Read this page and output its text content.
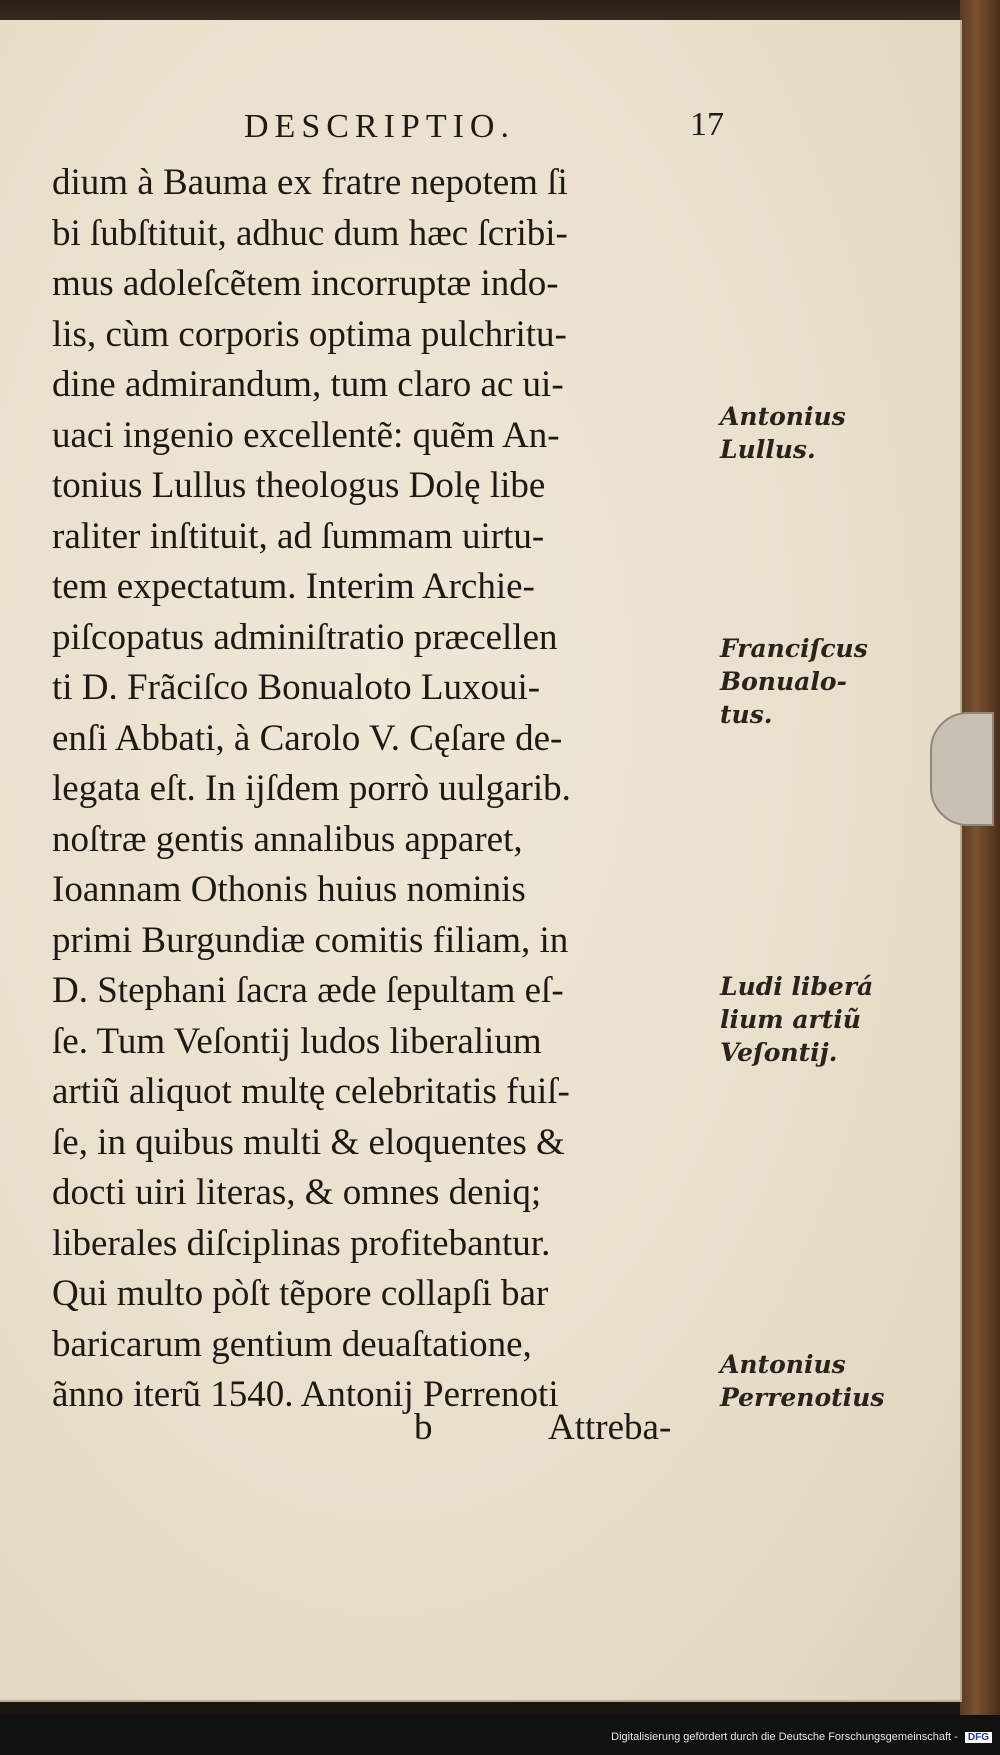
DESCRIPTIO.	17
dium à Bauma ex fratre nepotem ſi
bi ſubſtituit, adhuc dum hæc ſcribi-
mus adoleſcẽtem incorruptæ indo-
lis, cùm corporis optima pulchritu-
dine admirandum, tum claro ac ui-
uaci ingenio excellentẽ: quẽm An-
tonius Lullus theologus Dolę libe
raliter inſtituit, ad ſummam uirtu-
tem expectatum. Interim Archie-
piſcopatus adminiſtratio præcellen
ti D. Frãciſco Bonualoto Luxoui-
enſi Abbati, à Carolo V. Cęſare de-
legata eſt. In ijſdem porrò uulgarib.
noſtræ gentis annalibus apparet,
Ioannam Othonis huius nominis
primi Burgundiæ comitis filiam, in
D. Stephani ſacra æde ſepultam eſ-
ſe. Tum Veſontij ludos liberalium
artiũ aliquot multę celebritatis fuiſ-
ſe, in quibus multi & eloquentes &
docti uiri literas, & omnes deniq;
liberales diſciplinas profitebantur.
Qui multo pòſt tẽpore collapſi bar
baricarum gentium deuaſtatione,
ãnno iterũ 1540. Antonij Perrenoti
Antonius
Lullus.
Franciſcus
Bonualo-
tus.
Ludi liberá
lium artiũ
Veſontij.
Antonius
Perrenotius
b	Attreba-
Digitalisierung gefördert durch die Deutsche Forschungsgemeinschaft - DFG
